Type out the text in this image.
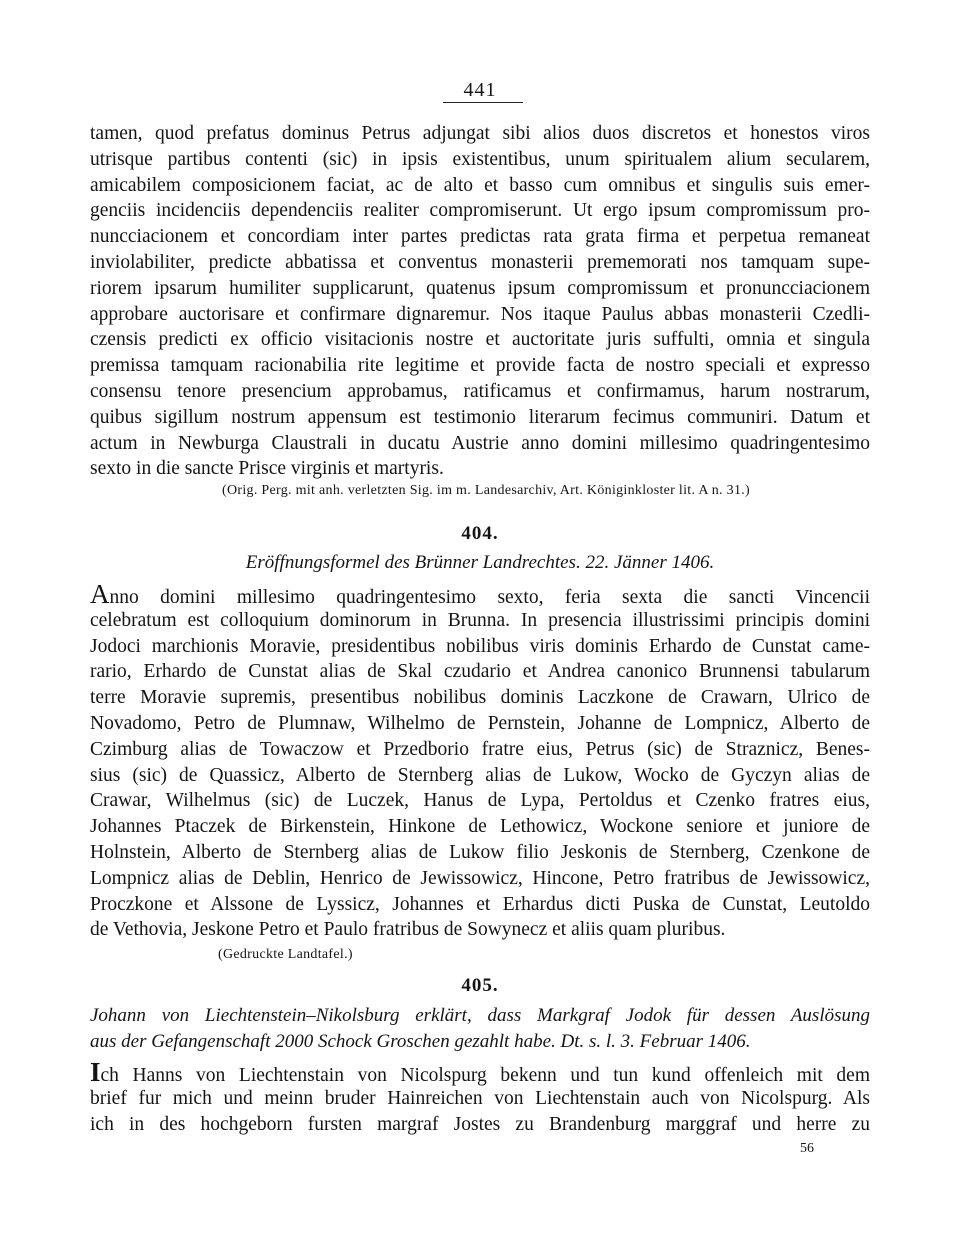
441
tamen, quod prefatus dominus Petrus adjungat sibi alios duos discretos et honestos viros
utrisque partibus contenti (sic) in ipsis existentibus, unum spiritualem alium secularem,
amicabilem composicionem faciat, ac de alto et basso cum omnibus et singulis suis emer-
genciis incidenciis dependenciis realiter compromiserunt. Ut ergo ipsum compromissum pro-
nuncciacionem et concordiam inter partes predictas rata grata firma et perpetua remaneat
inviolabiliter, predicte abbatissa et conventus monasterii prememorati nos tamquam supe-
riorem ipsarum humiliter supplicarunt, quatenus ipsum compromissum et pronuncciacionem
approbare auctorisare et confirmare dignaremur. Nos itaque Paulus abbas monasterii Czedli-
czensis predicti ex officio visitacionis nostre et auctoritate juris suffulti, omnia et singula
premissa tamquam racionabilia rite legitime et provide facta de nostro speciali et expresso
consensu tenore presencium approbamus, ratificamus et confirmamus, harum nostrarum,
quibus sigillum nostrum appensum est testimonio literarum fecimus communiri. Datum et
actum in Newburga Claustrali in ducatu Austrie anno domini millesimo quadringentesimo
sexto in die sancte Prisce virginis et martyris.
(Orig. Perg. mit anh. verletzten Sig. im m. Landesarchiv, Art. Königinkloster lit. A n. 31.)
404.
Eröffnungsformel des Brünner Landrechtes. 22. Jänner 1406.
Anno domini millesimo quadringentesimo sexto, feria sexta die sancti Vincencii
celebratum est colloquium dominorum in Brunna. In presencia illustrissimi principis domini
Jodoci marchionis Moravie, presidentibus nobilibus viris dominis Erhardo de Cunstat came-
rario, Erhardo de Cunstat alias de Skal czudario et Andrea canonico Brunnensi tabularum
terre Moravie supremis, presentibus nobilibus dominis Laczkone de Crawarn, Ulrico de
Novadomo, Petro de Plumnaw, Wilhelmo de Pernstein, Johanne de Lompnicz, Alberto de
Czimburg alias de Towaczow et Przedborio fratre eius, Petrus (sic) de Straznicz, Benes-
sius (sic) de Quassicz, Alberto de Sternberg alias de Lukow, Wocko de Gyczyn alias de
Crawar, Wilhelmus (sic) de Luczek, Hanus de Lypa, Pertoldus et Czenko fratres eius,
Johannes Ptaczek de Birkenstein, Hinkone de Lethowicz, Wockone seniore et juniore de
Holnstein, Alberto de Sternberg alias de Lukow filio Jeskonis de Sternberg, Czenkone de
Lompnicz alias de Deblin, Henrico de Jewissowicz, Hincone, Petro fratribus de Jewissowicz,
Proczkone et Alssone de Lyssicz, Johannes et Erhardus dicti Puska de Cunstat, Leutoldo
de Vethovia, Jeskone Petro et Paulo fratribus de Sowynecz et aliis quam pluribus.
(Gedruckte Landtafel.)
405.
Johann von Liechtenstein–Nikolsburg erklärt, dass Markgraf Jodok für dessen Auslösung
aus der Gefangenschaft 2000 Schock Groschen gezahlt habe. Dt. s. l. 3. Februar 1406.
Ich Hanns von Liechtenstain von Nicolspurg bekenn und tun kund offenleich mit dem
brief fur mich und meinn bruder Hainreichen von Liechtenstain auch von Nicolspurg. Als
ich in des hochgeborn fursten margraf Jostes zu Brandenburg marggraf und herre zu
56
